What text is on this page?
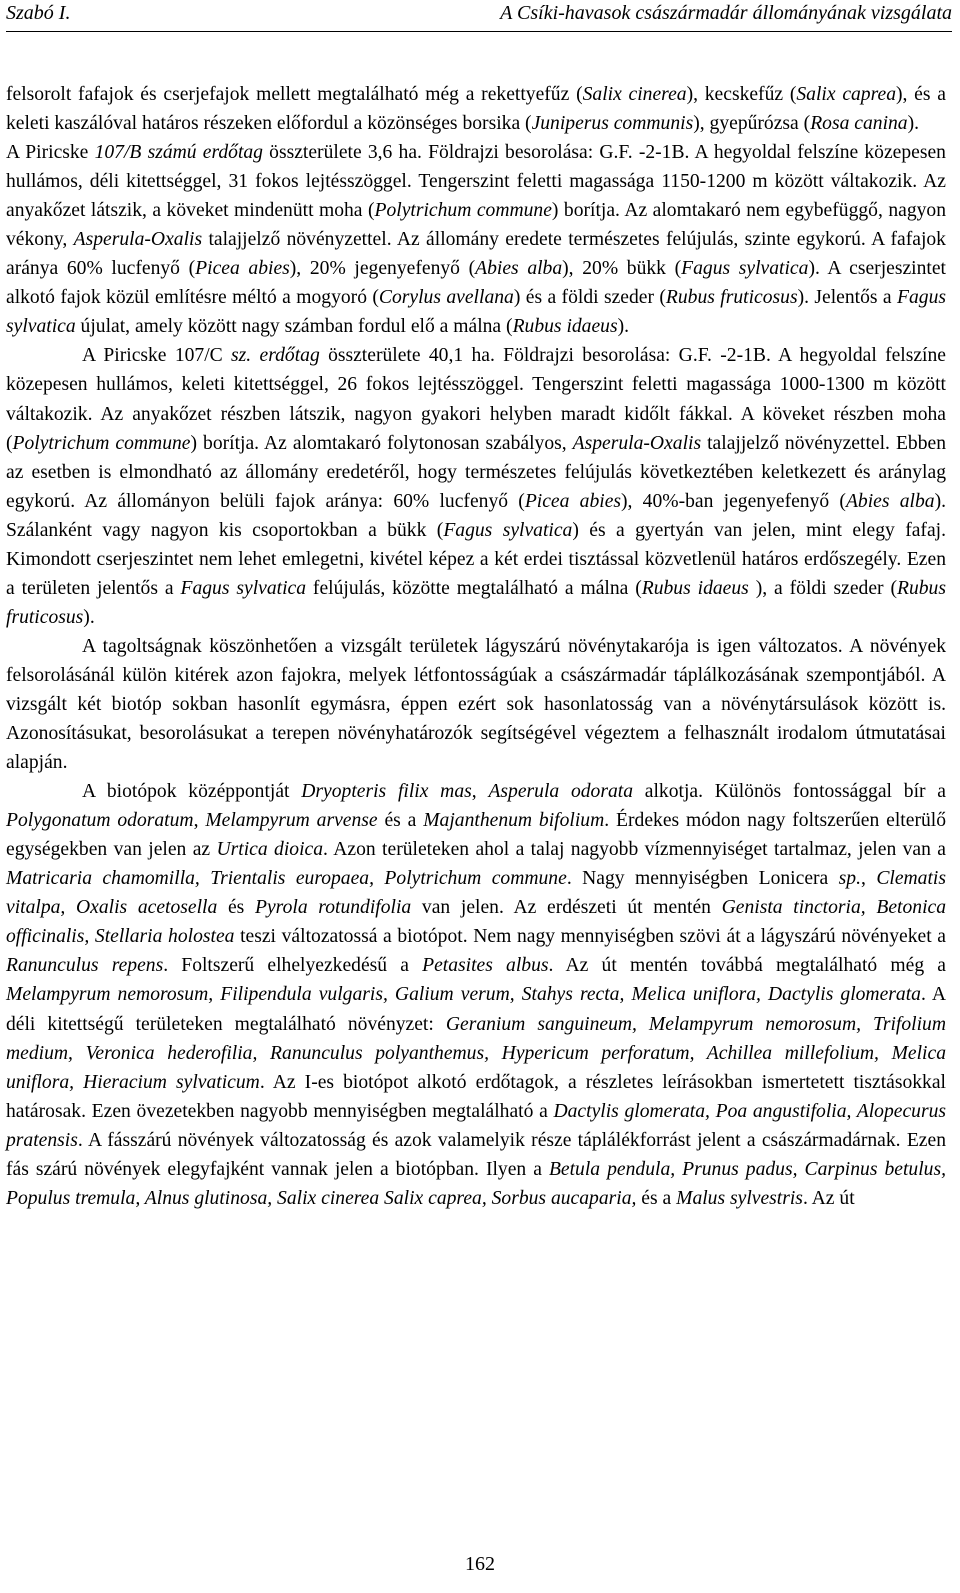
Szabó I.	A Csíki-havasok császármadár állományának vizsgálata

felsorolt fafajok és cserjefajok mellett megtalálható még a rekettyefűz (Salix cinerea), kecskefűz (Salix caprea), és a keleti kaszálóval határos részeken előfordul a közönséges borsika (Juniperus communis), gyepűrózsa (Rosa canina).

A Piricske 107/B számú erdőtag összterülete 3,6 ha. Földrajzi besorolása: G.F. -2-1B. A hegyoldal felszíne közepesen hullámos, déli kitettséggel, 31 fokos lejtésszöggel. Tengerszint feletti magassága 1150-1200 m között váltakozik. Az anyakőzet látszik, a köveket mindenütt moha (Polytrichum commune) borítja. Az alomtakaró nem egybefüggő, nagyon vékony, Asperula-Oxalis talajjelző növényzettel. Az állomány eredete természetes felújulás, szinte egykorú. A fafajok aránya 60% lucfenyő (Picea abies), 20% jegenyefenyő (Abies alba), 20% bükk (Fagus sylvatica). A cserjeszintet alkotó fajok közül említésre méltó a mogyoró (Corylus avellana) és a földi szeder (Rubus fruticosus). Jelentős a Fagus sylvatica újulat, amely között nagy számban fordul elő a málna (Rubus idaeus).

A Piricske 107/C sz. erdőtag összterülete 40,1 ha. Földrajzi besorolása: G.F. -2-1B. A hegyoldal felszíne közepesen hullámos, keleti kitettséggel, 26 fokos lejtésszöggel. Tengerszint feletti magassága 1000-1300 m között váltakozik. Az anyakőzet részben látszik, nagyon gyakori helyben maradt kidőlt fákkal. A köveket részben moha (Polytrichum commune) borítja. Az alomtakaró folytonosan szabályos, Asperula-Oxalis talajjelző növényzettel. Ebben az esetben is elmondható az állomány eredetéről, hogy természetes felújulás következtében keletkezett és aránylag egykorú. Az állományon belüli fajok aránya: 60% lucfenyő (Picea abies), 40%-ban jegenyefenyő (Abies alba). Szálanként vagy nagyon kis csoportokban a bükk (Fagus sylvatica) és a gyertyán van jelen, mint elegy fafaj. Kimondott cserjeszintet nem lehet emlegetni, kivétel képez a két erdei tisztással közvetlenül határos erdőszegély. Ezen a területen jelentős a Fagus sylvatica felújulás, közötte megtalálható a málna (Rubus idaeus ), a földi szeder (Rubus fruticosus).

A tagoltságnak köszönhetően a vizsgált területek lágyszárú növénytakarója is igen változatos. A növények felsorolásánál külön kitérek azon fajokra, melyek létfontosságúak a császármadár táplálkozásának szempontjából. A vizsgált két biotóp sokban hasonlít egymásra, éppen ezért sok hasonlatosság van a növénytársulások között is. Azonosításukat, besorolásukat a terepen növényhatározók segítségével végeztem a felhasznált irodalom útmutatásai alapján.

A biotópok középpontját Dryopteris filix mas, Asperula odorata alkotja. Különös fontossággal bír a Polygonatum odoratum, Melampyrum arvense és a Majanthenum bifolium. Érdekes módon nagy foltszerűen elterülő egységekben van jelen az Urtica dioica. Azon területeken ahol a talaj nagyobb vízmennyiséget tartalmaz, jelen van a Matricaria chamomilla, Trientalis europaea, Polytrichum commune. Nagy mennyiségben Lonicera sp., Clematis vitalpa, Oxalis acetosella és Pyrola rotundifolia van jelen. Az erdészeti út mentén Genista tinctoria, Betonica officinalis, Stellaria holostea teszi változatossá a biotópot. Nem nagy mennyiségben szövi át a lágyszárú növényeket a Ranunculus repens. Foltszerű elhelyezkedésű a Petasites albus. Az út mentén továbbá megtalálható még a Melampyrum nemorosum, Filipendula vulgaris, Galium verum, Stahys recta, Melica uniflora, Dactylis glomerata. A déli kitettségű területeken megtalálható növényzet: Geranium sanguineum, Melampyrum nemorosum, Trifolium medium, Veronica hederofilia, Ranunculus polyanthemus, Hypericum perforatum, Achillea millefolium, Melica uniflora, Hieracium sylvaticum. Az I-es biotópot alkotó erdőtagok, a részletes leírásokban ismertetett tisztásokkal határosak. Ezen övezetekben nagyobb mennyiségben megtalálható a Dactylis glomerata, Poa angustifolia, Alopecurus pratensis. A fásszárú növények változatosság és azok valamelyik része táplálékforrást jelent a császármadárnak. Ezen fás szárú növények elegyfajként vannak jelen a biotópban. Ilyen a Betula pendula, Prunus padus, Carpinus betulus, Populus tremula, Alnus glutinosa, Salix cinerea Salix caprea, Sorbus aucaparia, és a Malus sylvestris. Az út

162
